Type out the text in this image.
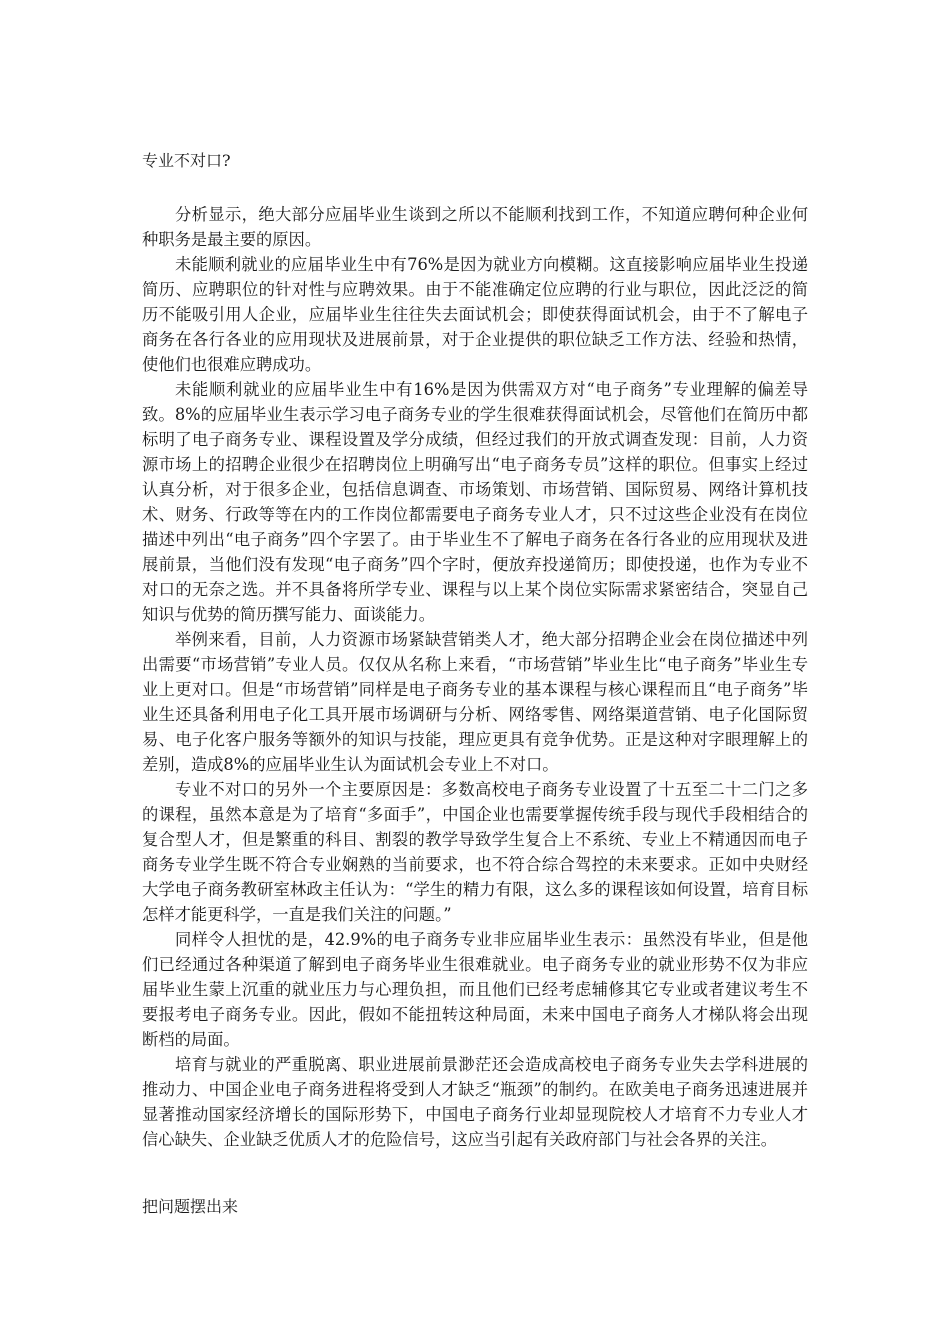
专业不对口?

分析显示，绝大部分应届毕业生谈到之所以不能顺利找到工作，不知道应聘何种企业何种职务是最主要的原因。

未能顺利就业的应届毕业生中有76%是因为就业方向模糊。这直接影响应届毕业生投递简历、应聘职位的针对性与应聘效果。由于不能准确定位应聘的行业与职位，因此泛泛的简历不能吸引用人企业，应届毕业生往往失去面试机会；即使获得面试机会，由于不了解电子商务在各行各业的应用现状及进展前景，对于企业提供的职位缺乏工作方法、经验和热情，使他们也很难应聘成功。

未能顺利就业的应届毕业生中有16%是因为供需双方对“电子商务”专业理解的偏差导致。8%的应届毕业生表示学习电子商务专业的学生很难获得面试机会，尽管他们在简历中都标明了电子商务专业、课程设置及学分成绩，但经过我们的开放式调查发现：目前，人力资源市场上的招聘企业很少在招聘岗位上明确写出“电子商务专员”这样的职位。但事实上经过认真分析，对于很多企业，包括信息调查、市场策划、市场营销、国际贸易、网络计算机技术、财务、行政等等在内的工作岗位都需要电子商务专业人才，只不过这些企业没有在岗位描述中列出“电子商务”四个字罢了。由于毕业生不了解电子商务在各行各业的应用现状及进展前景，当他们没有发现“电子商务”四个字时，便放弃投递简历；即使投递，也作为专业不对口的无奈之选。并不具备将所学专业、课程与以上某个岗位实际需求紧密结合，突显自己知识与优势的简历撰写能力、面谈能力。

举例来看，目前，人力资源市场紧缺营销类人才，绝大部分招聘企业会在岗位描述中列出需要“市场营销”专业人员。仅仅从名称上来看，“市场营销”毕业生比“电子商务”毕业生专业上更对口。但是“市场营销”同样是电子商务专业的基本课程与核心课程而且“电子商务”毕业生还具备利用电子化工具开展市场调研与分析、网络零售、网络渠道营销、电子化国际贸易、电子化客户服务等额外的知识与技能，理应更具有竞争优势。正是这种对字眼理解上的差别，造成8%的应届毕业生认为面试机会专业上不对口。

专业不对口的另外一个主要原因是：多数高校电子商务专业设置了十五至二十二门之多的课程，虽然本意是为了培育“多面手”，中国企业也需要掌握传统手段与现代手段相结合的复合型人才，但是繁重的科目、割裂的教学导致学生复合上不系统、专业上不精通因而电子商务专业学生既不符合专业娴熟的当前要求，也不符合综合驾控的未来要求。正如中央财经大学电子商务教研室林政主任认为：“学生的精力有限，这么多的课程该如何设置，培育目标怎样才能更科学，一直是我们关注的问题。”

同样令人担忧的是，42.9%的电子商务专业非应届毕业生表示：虽然没有毕业，但是他们已经通过各种渠道了解到电子商务毕业生很难就业。电子商务专业的就业形势不仅为非应届毕业生蒙上沉重的就业压力与心理负担，而且他们已经考虑辅修其它专业或者建议考生不要报考电子商务专业。因此，假如不能扭转这种局面，未来中国电子商务人才梯队将会出现断档的局面。

培育与就业的严重脱离、职业进展前景渺茫还会造成高校电子商务专业失去学科进展的推动力、中国企业电子商务进程将受到人才缺乏“瓶颈”的制约。在欧美电子商务迅速进展并显著推动国家经济增长的国际形势下，中国电子商务行业却显现院校人才培育不力专业人才信心缺失、企业缺乏优质人才的危险信号，这应当引起有关政府部门与社会各界的关注。

把问题摆出来
